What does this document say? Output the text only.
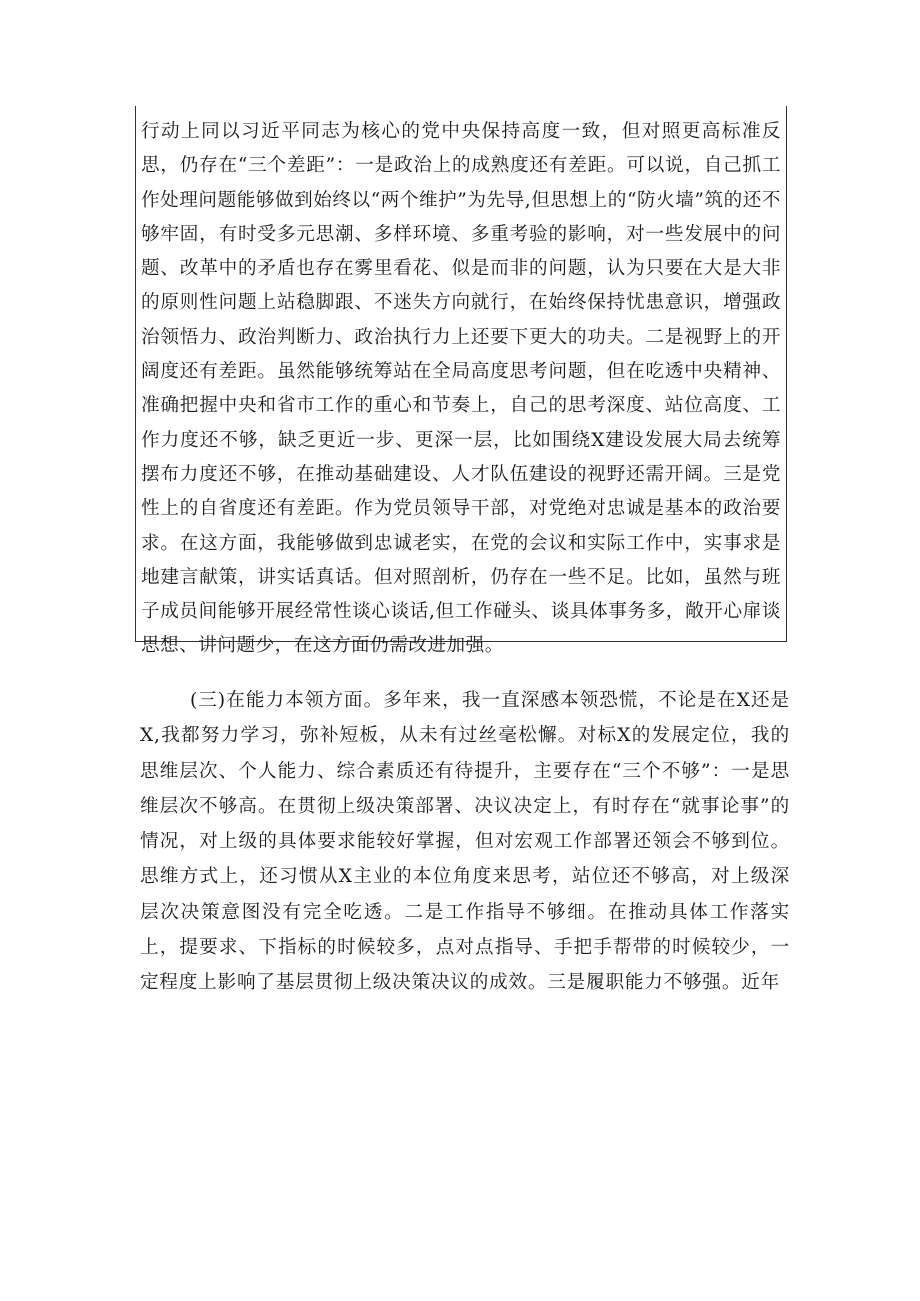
行动上同以习近平同志为核心的党中央保持高度一致，但对照更高标准反思，仍存在“三个差距”：一是政治上的成熟度还有差距。可以说，自己抓工作处理问题能够做到始终以“两个维护”为先导,但思想上的“防火墙”筑的还不够牢固，有时受多元思潮、多样环境、多重考验的影响，对一些发展中的问题、改革中的矛盾也存在雾里看花、似是而非的问题，认为只要在大是大非的原则性问题上站稳脚跟、不迷失方向就行，在始终保持忧患意识，增强政治领悟力、政治判断力、政治执行力上还要下更大的功夫。二是视野上的开阔度还有差距。虽然能够统筹站在全局高度思考问题，但在吃透中央精神、准确把握中央和省市工作的重心和节奏上，自己的思考深度、站位高度、工作力度还不够，缺乏更近一步、更深一层，比如围绕X建设发展大局去统筹摆布力度还不够，在推动基础建设、人才队伍建设的视野还需开阔。三是党性上的自省度还有差距。作为党员领导干部，对党绝对忠诚是基本的政治要求。在这方面，我能够做到忠诚老实，在党的会议和实际工作中，实事求是地建言献策，讲实话真话。但对照剖析，仍存在一些不足。比如，虽然与班子成员间能够开展经常性谈心谈话,但工作碰头、谈具体事务多，敞开心扉谈思想、讲问题少，在这方面仍需改进加强。

(三)在能力本领方面。多年来，我一直深感本领恐慌，不论是在X还是X,我都努力学习，弥补短板，从未有过丝毫松懈。对标X的发展定位，我的思维层次、个人能力、综合素质还有待提升，主要存在“三个不够”：一是思维层次不够高。在贯彻上级决策部署、决议决定上，有时存在“就事论事”的情况，对上级的具体要求能较好掌握，但对宏观工作部署还领会不够到位。思维方式上，还习惯从X主业的本位角度来思考，站位还不够高，对上级深层次决策意图没有完全吃透。二是工作指导不够细。在推动具体工作落实上，提要求、下指标的时候较多，点对点指导、手把手帮带的时候较少，一定程度上影响了基层贯彻上级决策决议的成效。三是履职能力不够强。近年
